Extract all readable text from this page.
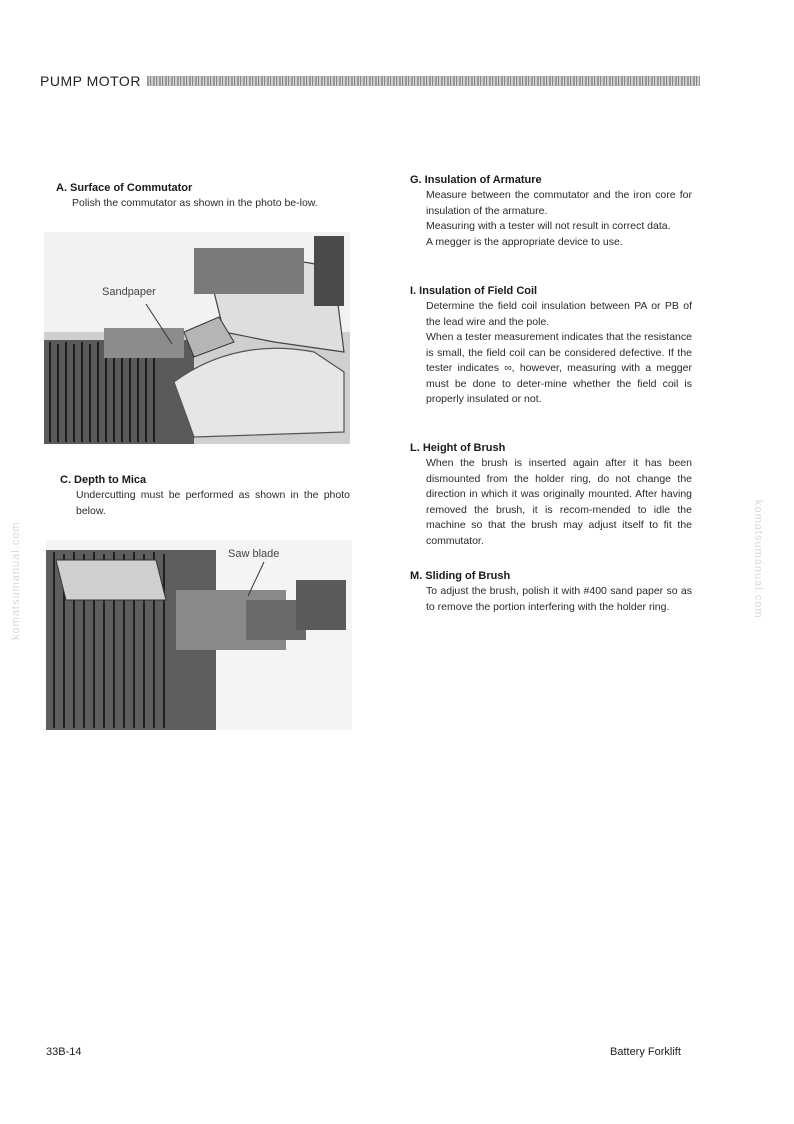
PUMP MOTOR
A. Surface of Commutator

Polish the commutator as shown in the photo be-low.

Sandpaper
C. Depth to Mica

Undercutting must be performed as shown in the photo below.

Saw blade
G. Insulation of Armature

Measure between the commutator and the iron core for insulation of the armature.

Measuring with a tester will not result in correct data.

A megger is the appropriate device to use.

I. Insulation of Field Coil

Determine the field coil insulation between PA or PB of the lead wire and the pole.

When a tester measurement indicates that the resistance is small, the field coil can be considered defective. If the tester indicates ∞, however, measuring with a megger must be done to deter-mine whether the field coil is properly insulated or not.

L. Height of Brush

When the brush is inserted again after it has been dismounted from the holder ring, do not change the direction in which it was originally mounted. After having removed the brush, it is recom-mended to idle the machine so that the brush may adjust itself to fit the commutator.

M. Sliding of Brush

To adjust the brush, polish it with #400 sand paper so as to remove the portion interfering with the holder ring.

komatsumanual.com	komatsumanual.com
33B-14	Battery Forklift
